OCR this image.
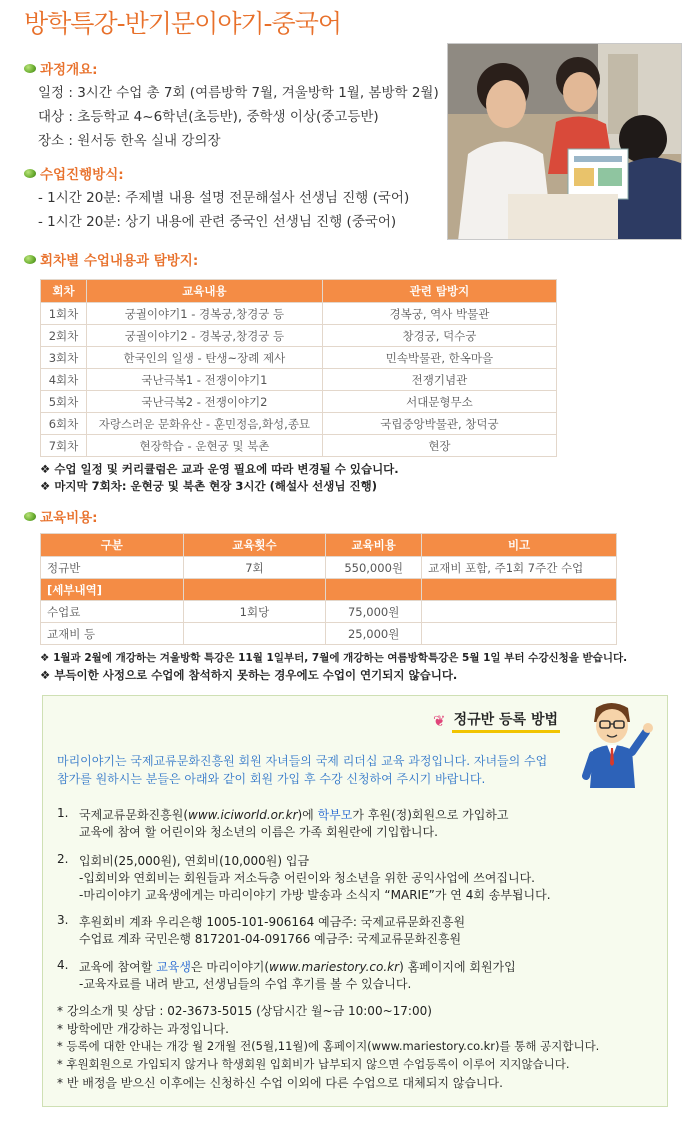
방학특강-반기문이야기-중국어
과정개요:
일정 : 3시간 수업 총 7회 (여름방학 7월, 겨울방학 1월, 봄방학 2월)
대상 : 초등학교 4~6학년(초등반), 중학생 이상(중고등반)
장소 : 원서동 한옥 실내 강의장
수업진행방식:
- 1시간 20분: 주제별 내용 설명 전문해설사 선생님 진행 (국어)
- 1시간 20분: 상기 내용에 관련 중국인 선생님 진행 (중국어)
회차별 수업내용과 탐방지:
회차	교육내용	관련 탐방지
1회차	궁궐이야기1 - 경복궁,창경궁 등	경복궁, 역사 박물관
2회차	궁궐이야기2 - 경복궁,창경궁 등	창경궁, 덕수궁
3회차	한국인의 일생 - 탄생~장례 제사	민속박물관, 한옥마을
4회차	국난극복1 - 전쟁이야기1	전쟁기념관
5회차	국난극복2 - 전쟁이야기2	서대문형무소
6회차	자랑스러운 문화유산 - 훈민정음,화성,종묘	국립중앙박물관, 창덕궁
7회차	현장학습 - 운현궁 및 북촌	현장
❖ 수업 일정 및 커리큘럼은 교과 운영 필요에 따라 변경될 수 있습니다.
❖ 마지막 7회차: 운현궁 및 북촌 현장 3시간 (해설사 선생님 진행)
교육비용:
구분	교육횟수	교육비용	비고
정규반	7회	550,000원	교재비 포함, 주1회 7주간 수업
[세부내역]			
수업료	1회당	75,000원	
교재비 등		25,000원	
❖ 1월과 2월에 개강하는 겨울방학 특강은 11월 1일부터, 7월에 개강하는 여름방학특강은 5월 1일 부터 수강신청을 받습니다.
❖ 부득이한 사정으로 수업에 참석하지 못하는 경우에도 수업이 연기되지 않습니다.
❦ 정규반 등록 방법
마리이야기는 국제교류문화진흥원 회원 자녀들의 국제 리더십 교육 과정입니다. 자녀들의 수업
참가를 원하시는 분들은 아래와 같이 회원 가입 후 수강 신청하여 주시기 바랍니다.
1. 국제교류문화진흥원(www.iciworld.or.kr)에 학부모가 후원(정)회원으로 가입하고
교육에 참여 할 어린이와 청소년의 이름은 가족 회원란에 기입합니다.
2. 입회비(25,000원), 연회비(10,000원) 입금
-입회비와 연회비는 회원들과 저소득층 어린이와 청소년을 위한 공익사업에 쓰여집니다.
-마리이야기 교육생에게는 마리이야기 가방 발송과 소식지 “MARIE”가 연 4회 송부됩니다.
3. 후원회비 계좌 우리은행 1005-101-906164 예금주: 국제교류문화진흥원
수업료 계좌 국민은행 817201-04-091766 예금주: 국제교류문화진흥원
4. 교육에 참여할 교육생은 마리이야기(www.mariestory.co.kr) 홈페이지에 회원가입
-교육자료를 내려 받고, 선생님들의 수업 후기를 볼 수 있습니다.
* 강의소개 및 상담 : 02-3673-5015 (상담시간 월~금 10:00~17:00)
* 방학에만 개강하는 과정입니다.
* 등록에 대한 안내는 개강 월 2개월 전(5월,11월)에 홈페이지(www.mariestory.co.kr)를 통해 공지합니다.
* 후원회원으로 가입되지 않거나 학생회원 입회비가 납부되지 않으면 수업등록이 이루어 지지않습니다.
* 반 배정을 받으신 이후에는 신청하신 수업 이외에 다른 수업으로 대체되지 않습니다.
